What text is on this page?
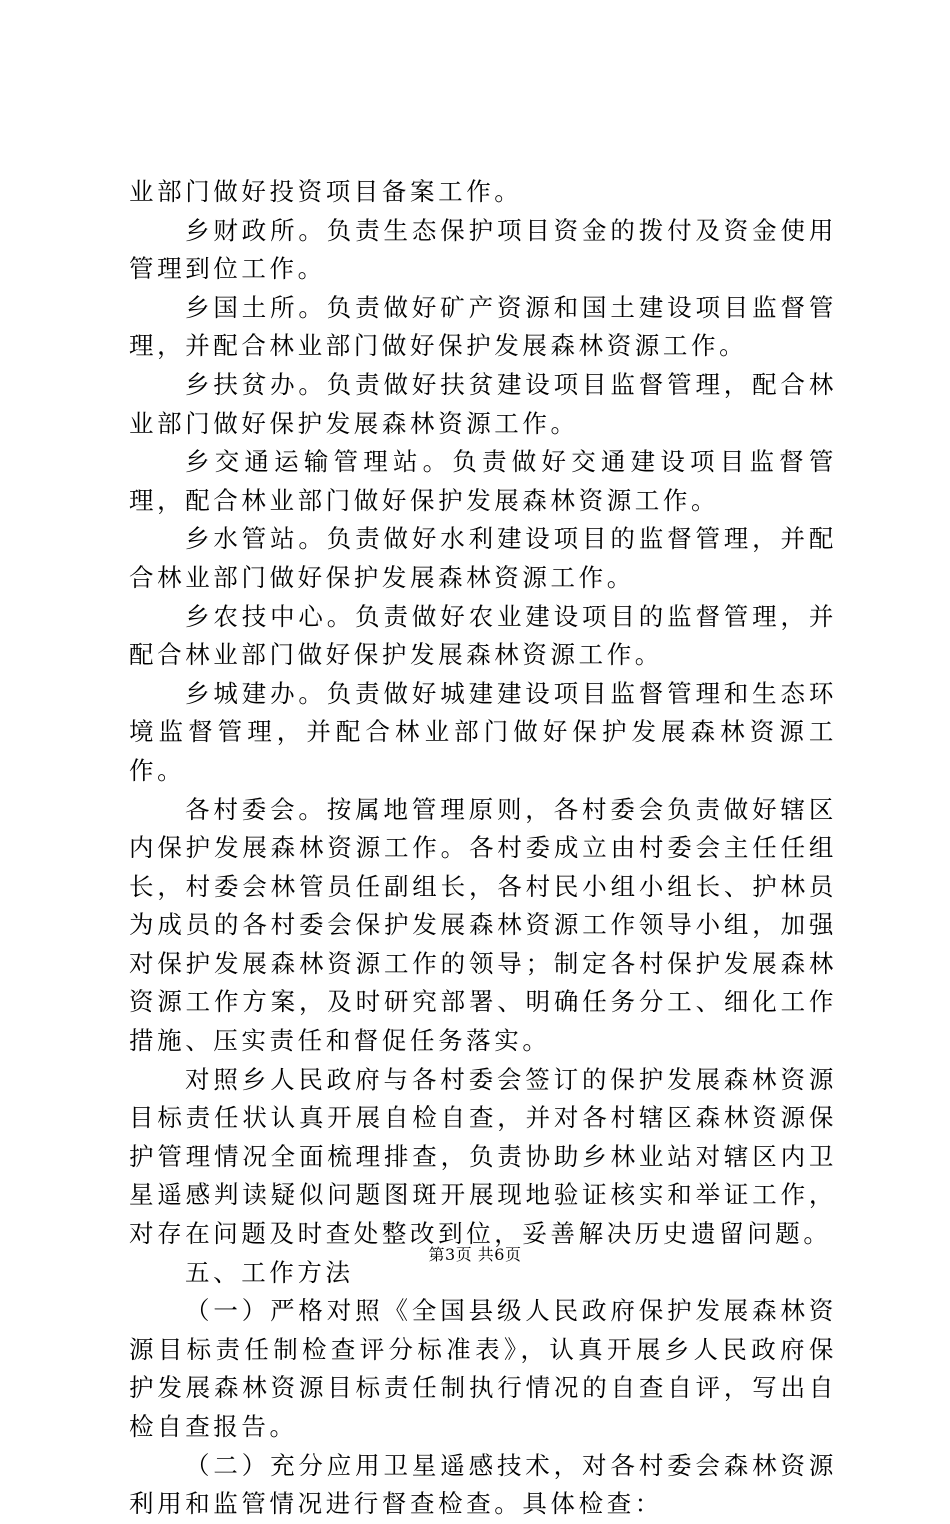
业部门做好投资项目备案工作。

乡财政所。负责生态保护项目资金的拨付及资金使用管理到位工作。

乡国土所。负责做好矿产资源和国土建设项目监督管理，并配合林业部门做好保护发展森林资源工作。

乡扶贫办。负责做好扶贫建设项目监督管理，配合林业部门做好保护发展森林资源工作。

乡交通运输管理站。负责做好交通建设项目监督管理，配合林业部门做好保护发展森林资源工作。

乡水管站。负责做好水利建设项目的监督管理，并配合林业部门做好保护发展森林资源工作。

乡农技中心。负责做好农业建设项目的监督管理，并配合林业部门做好保护发展森林资源工作。

乡城建办。负责做好城建建设项目监督管理和生态环境监督管理，并配合林业部门做好保护发展森林资源工作。

各村委会。按属地管理原则，各村委会负责做好辖区内保护发展森林资源工作。各村委成立由村委会主任任组长，村委会林管员任副组长，各村民小组小组长、护林员为成员的各村委会保护发展森林资源工作领导小组，加强对保护发展森林资源工作的领导；制定各村保护发展森林资源工作方案，及时研究部署、明确任务分工、细化工作措施、压实责任和督促任务落实。

对照乡人民政府与各村委会签订的保护发展森林资源目标责任状认真开展自检自查，并对各村辖区森林资源保护管理情况全面梳理排查，负责协助乡林业站对辖区内卫星遥感判读疑似问题图斑开展现地验证核实和举证工作，对存在问题及时查处整改到位，妥善解决历史遗留问题。

五、工作方法

（一）严格对照《全国县级人民政府保护发展森林资源目标责任制检查评分标准表》，认真开展乡人民政府保护发展森林资源目标责任制执行情况的自查自评，写出自检自查报告。

（二）充分应用卫星遥感技术，对各村委会森林资源利用和监管情况进行督查检查。具体检查：

第3页 共6页
